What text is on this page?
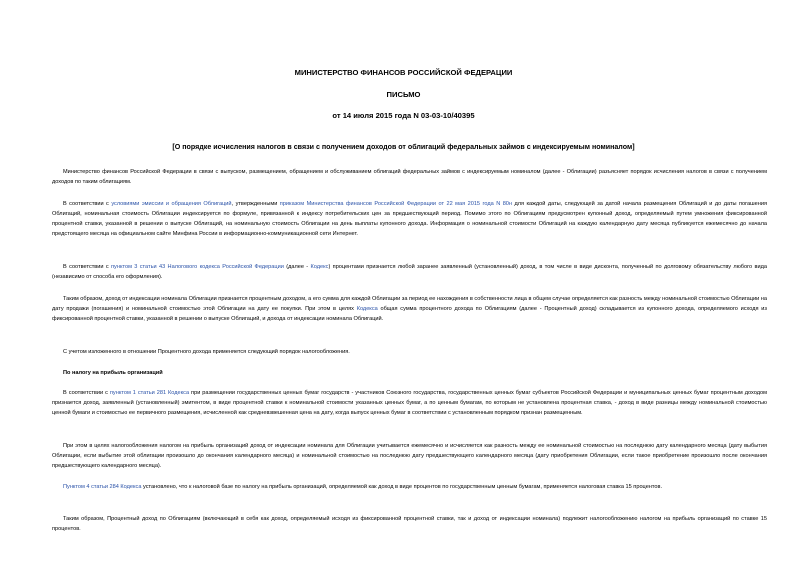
МИНИСТЕРСТВО ФИНАНСОВ РОССИЙСКОЙ ФЕДЕРАЦИИ
ПИСЬМО
от 14 июля 2015 года N 03-03-10/40395
[О порядке исчисления налогов в связи с получением доходов от облигаций федеральных займов с индексируемым номиналом]

Министерство финансов Российской Федерации в связи с выпуском, размещением, обращением и обслуживанием облигаций федеральных займов с индексируемым номиналом (далее - Облигации) разъясняет порядок исчисления налогов в связи с получением доходов по таким облигациям.

В соответствии с условиями эмиссии и обращения Облигаций, утвержденными приказом Министерства финансов Российской Федерации от 22 мая 2015 года N 80н для каждой даты, следующей за датой начала размещения Облигаций и до даты погашения Облигаций, номинальная стоимость Облигации индексируется по формуле, привязанной к индексу потребительских цен за предшествующий период. Помимо этого по Облигациям предусмотрен купонный доход, определяемый путем умножения фиксированной процентной ставки, указанной в решении о выпуске Облигаций, на номинальную стоимость Облигации на день выплаты купонного дохода. Информация о номинальной стоимости Облигаций на каждую календарную дату месяца публикуется ежемесячно до начала предстоящего месяца на официальном сайте Минфина России в информационно-коммуникационной сети Интернет.

В соответствии с пунктом 3 статьи 43 Налогового кодекса Российской Федерации (далее - Кодекс) процентами признается любой заранее заявленный (установленный) доход, в том числе в виде дисконта, полученный по долговому обязательству любого вида (независимо от способа его оформления).

Таким образом, доход от индексации номинала Облигации признается процентным доходом, а его сумма для каждой Облигации за период ее нахождения в собственности лица в общем случае определяется как разность между номинальной стоимостью Облигации на дату продажи (погашения) и номинальной стоимостью этой Облигации на дату ее покупки. При этом в целях Кодекса общая сумма процентного дохода по Облигациям (далее - Процентный доход) складывается из купонного дохода, определяемого исходя из фиксированной процентной ставки, указанной в решении о выпуске Облигаций, и дохода от индексации номинала Облигаций.

С учетом изложенного в отношении Процентного дохода применяется следующий порядок налогообложения.

По налогу на прибыль организаций

В соответствии с пунктом 1 статьи 281 Кодекса при размещении государственных ценных бумаг государств - участников Союзного государства, государственных ценных бумаг субъектов Российской Федерации и муниципальных ценных бумаг процентным доходом признается доход, заявленный (установленный) эмитентом, в виде процентной ставки к номинальной стоимости указанных ценных бумаг, а по ценным бумагам, по которым не установлена процентная ставка, - доход в виде разницы между номинальной стоимостью ценной бумаги и стоимостью ее первичного размещения, исчисленной как средневзвешенная цена на дату, когда выпуск ценных бумаг в соответствии с установленным порядком признан размещенным.

При этом в целях налогообложения налогом на прибыль организаций доход от индексации номинала для Облигации учитывается ежемесячно и исчисляется как разность между ее номинальной стоимостью на последнюю дату календарного месяца (дату выбытия Облигации, если выбытие этой облигации произошло до окончания календарного месяца) и номинальной стоимостью на последнюю дату предшествующего календарного месяца (дату приобретения Облигации, если такое приобретение произошло после окончания предшествующего календарного месяца).

Пунктом 4 статьи 284 Кодекса установлено, что к налоговой базе по налогу на прибыль организаций, определяемой как доход в виде процентов по государственным ценным бумагам, применяется налоговая ставка 15 процентов.

Таким образом, Процентный доход по Облигациям (включающий в себя как доход, определяемый исходя из фиксированной процентной ставки, так и доход от индексации номинала) подлежит налогообложению налогом на прибыль организаций по ставке 15 процентов.
